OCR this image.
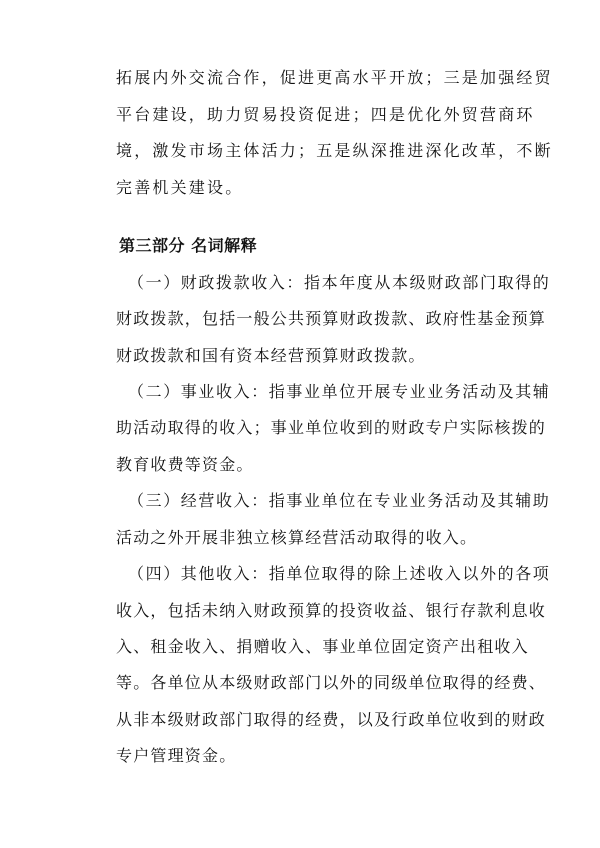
拓展内外交流合作，促进更高水平开放；三是加强经贸
平台建设，助力贸易投资促进；四是优化外贸营商环
境，激发市场主体活力；五是纵深推进深化改革，不断
完善机关建设。
第三部分 名词解释
（一）财政拨款收入：指本年度从本级财政部门取得的
财政拨款，包括一般公共预算财政拨款、政府性基金预算
财政拨款和国有资本经营预算财政拨款。
（二）事业收入：指事业单位开展专业业务活动及其辅
助活动取得的收入；事业单位收到的财政专户实际核拨的
教育收费等资金。
（三）经营收入：指事业单位在专业业务活动及其辅助
活动之外开展非独立核算经营活动取得的收入。
（四）其他收入：指单位取得的除上述收入以外的各项
收入，包括未纳入财政预算的投资收益、银行存款利息收
入、租金收入、捐赠收入、事业单位固定资产出租收入
等。各单位从本级财政部门以外的同级单位取得的经费、
从非本级财政部门取得的经费，以及行政单位收到的财政
专户管理资金。
